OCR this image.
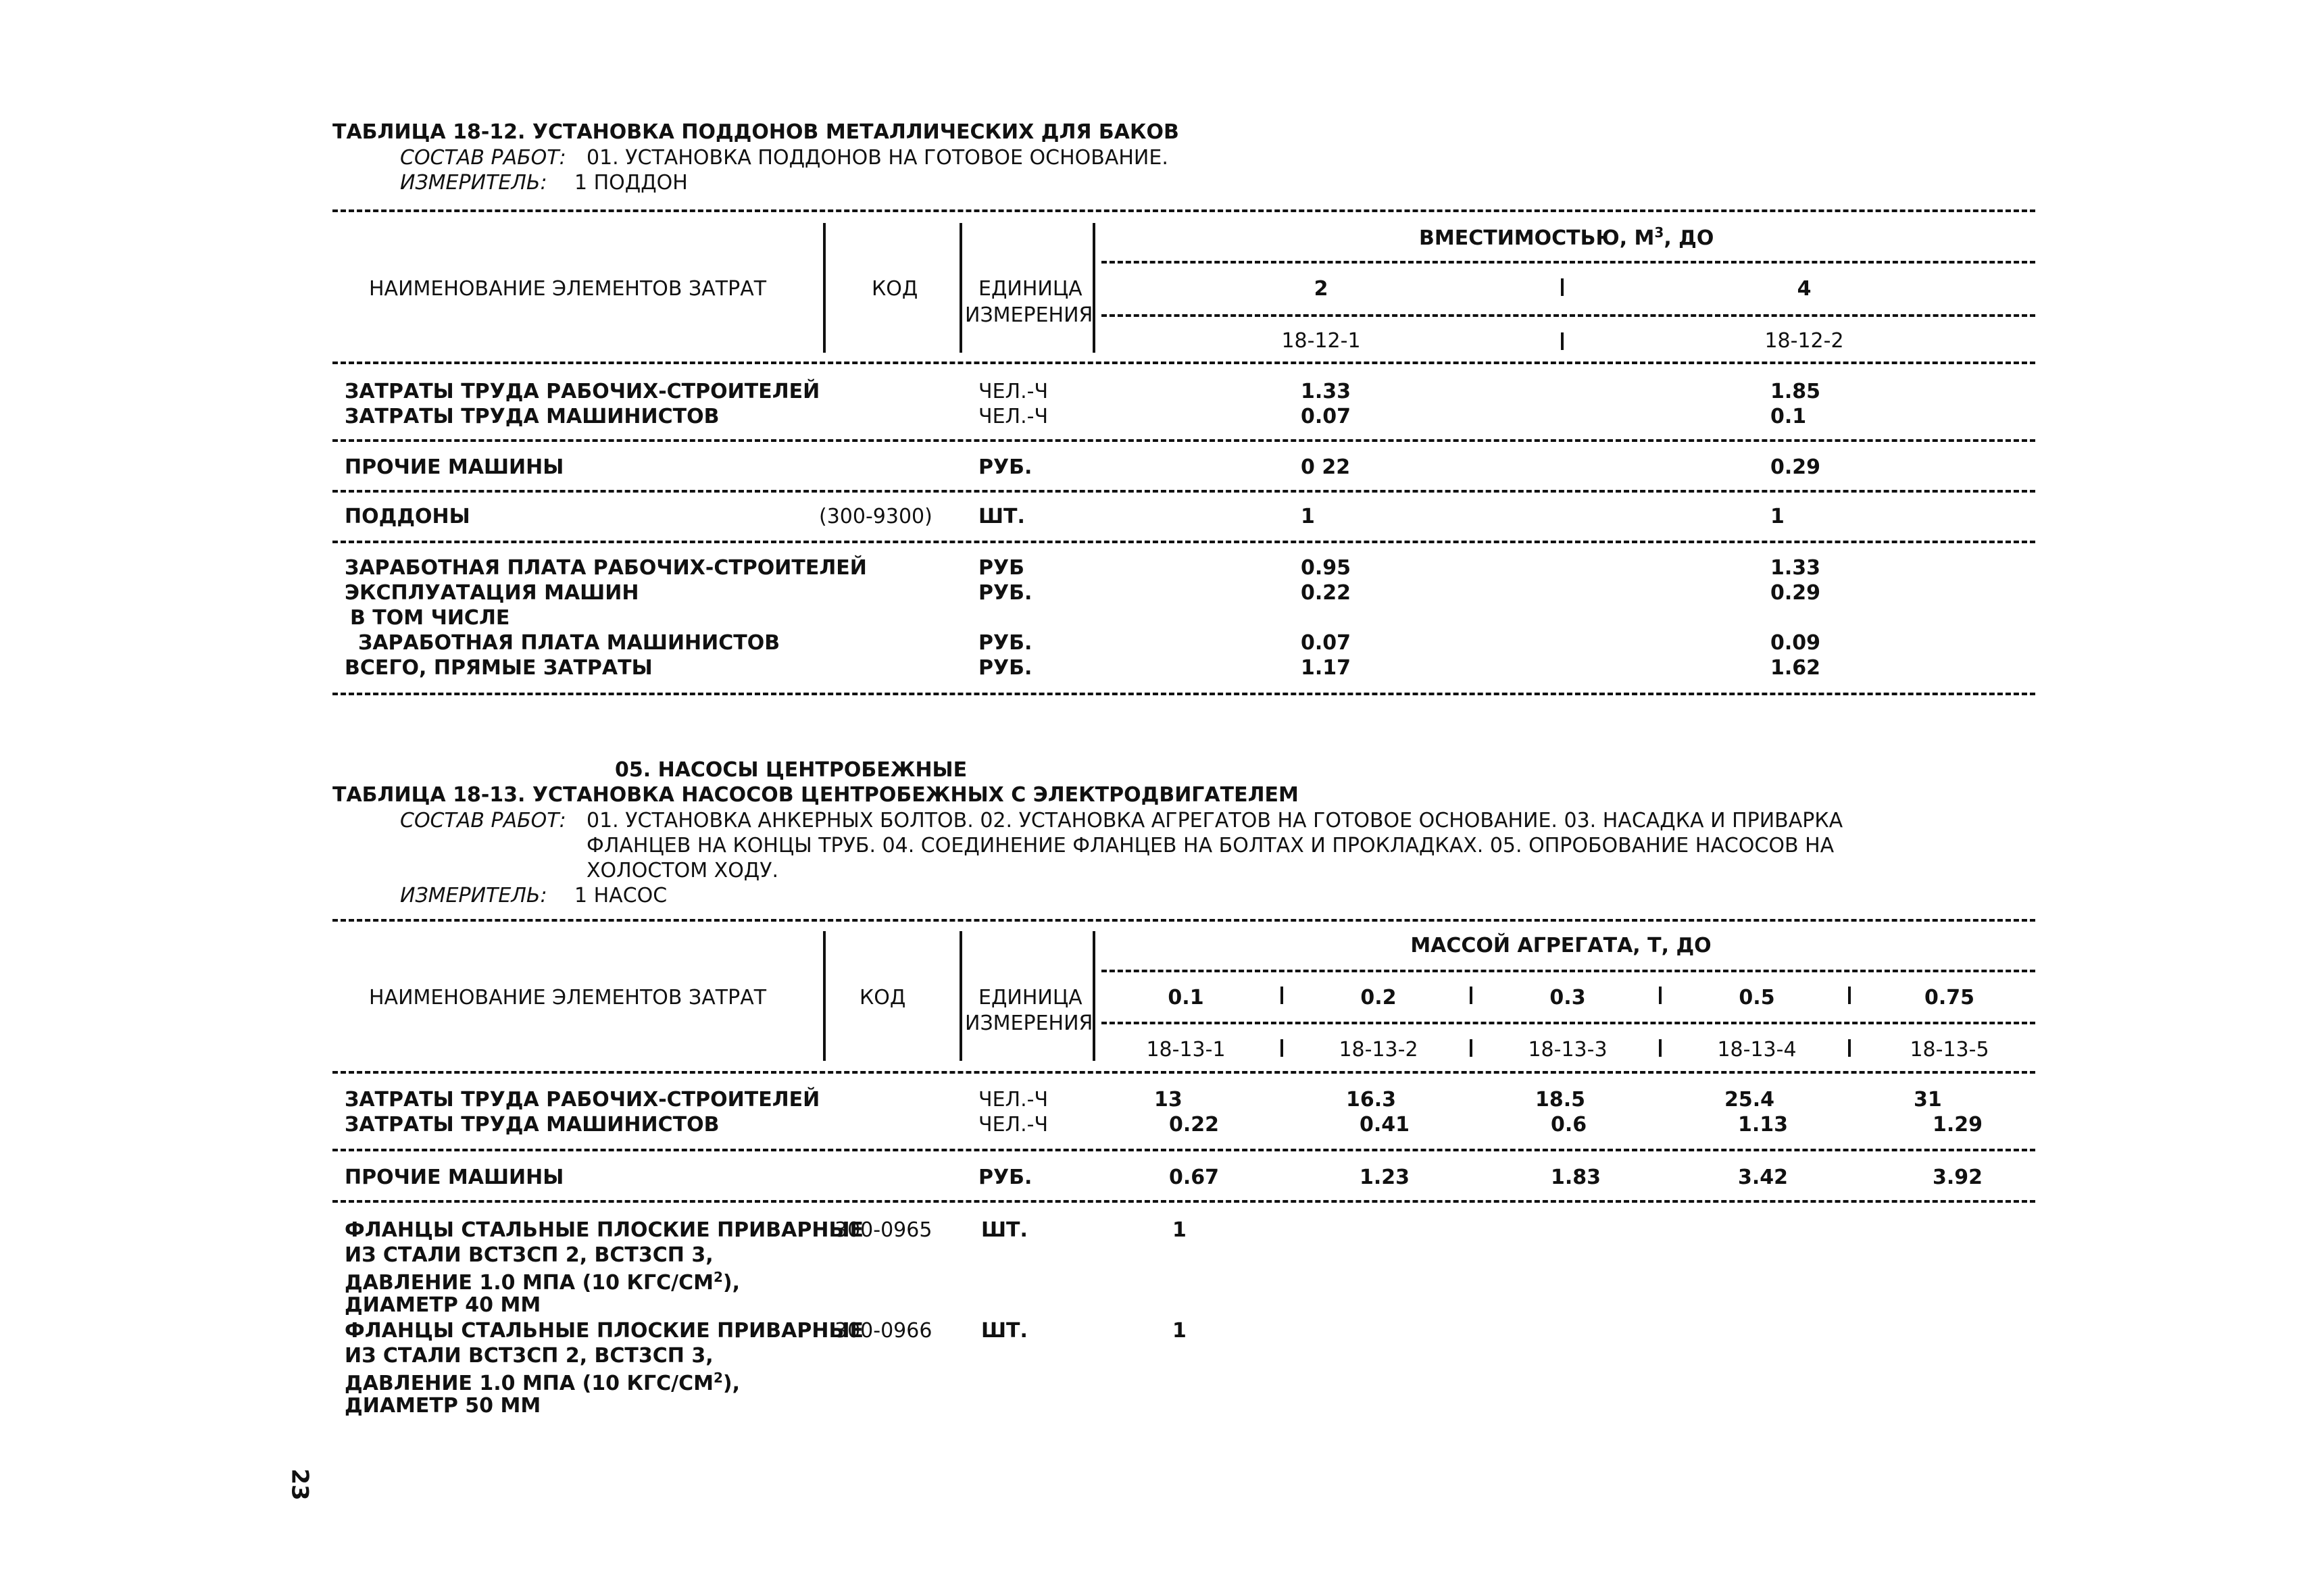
ТАБЛИЦА 18-12. УСТАНОВКА ПОДДОНОВ МЕТАЛЛИЧЕСКИХ ДЛЯ БАКОВ
СОСТАВ РАБОТ: 01. УСТАНОВКА ПОДДОНОВ НА ГОТОВОЕ ОСНОВАНИЕ.
ИЗМЕРИТЕЛЬ: 1 ПОДДОН
НАИМЕНОВАНИЕ ЭЛЕМЕНТОВ ЗАТРАТ	КОД	ЕДИНИЦА
ИЗМЕРЕНИЯ
ВМЕСТИМОСТЬЮ, $М^3$, ДО
2	4
18-12-1	18-12-2
ЗАТРАТЫ ТРУДА РАБОЧИХ-СТРОИТЕЛЕЙ	ЧЕЛ.-Ч	1.33	1.85
ЗАТРАТЫ ТРУДА МАШИНИСТОВ	ЧЕЛ.-Ч	0.07	0.1
ПРОЧИЕ МАШИНЫ	РУБ.	0 22	0.29
ПОДДОНЫ	(300-9300) ШТ.	1	1
ЗАРАБОТНАЯ ПЛАТА РАБОЧИХ-СТРОИТЕЛЕЙ	РУБ	0.95	1.33
ЭКСПЛУАТАЦИЯ МАШИН	РУБ.	0.22	0.29
В ТОМ ЧИСЛЕ
ЗАРАБОТНАЯ ПЛАТА МАШИНИСТОВ	РУБ.	0.07	0.09
ВСЕГО, ПРЯМЫЕ ЗАТРАТЫ	РУБ.	1.17	1.62
05. НАСОСЫ ЦЕНТРОБЕЖНЫЕ
ТАБЛИЦА 18-13. УСТАНОВКА НАСОСОВ ЦЕНТРОБЕЖНЫХ С ЭЛЕКТРОДВИГАТЕЛЕМ
СОСТАВ РАБОТ: 01. УСТАНОВКА АНКЕРНЫХ БОЛТОВ. 02. УСТАНОВКА АГРЕГАТОВ НА ГОТОВОЕ ОСНОВАНИЕ. 03. НАСАДКА И ПРИВАРКА
ФЛАНЦЕВ НА КОНЦЫ ТРУБ. 04. СОЕДИНЕНИЕ ФЛАНЦЕВ НА БОЛТАХ И ПРОКЛАДКАХ. 05. ОПРОБОВАНИЕ НАСОСОВ НА
ХОЛОСТОМ ХОДУ.
ИЗМЕРИТЕЛЬ: 1 НАСОС
НАИМЕНОВАНИЕ ЭЛЕМЕНТОВ ЗАТРАТ	КОД	ЕДИНИЦА
ИЗМЕРЕНИЯ
МАССОЙ АГРЕГАТА, Т, ДО
0.1	0.2	0.3	0.5	0.75
18-13-1	18-13-2	18-13-3	18-13-4	18-13-5
ЗАТРАТЫ ТРУДА РАБОЧИХ-СТРОИТЕЛЕЙ	ЧЕЛ.-Ч	13	16.3	18.5	25.4	31
ЗАТРАТЫ ТРУДА МАШИНИСТОВ	ЧЕЛ.-Ч	0.22	0.41	0.6	1.13	1.29
ПРОЧИЕ МАШИНЫ	РУБ.	0.67	1.23	1.83	3.42	3.92
ФЛАНЦЫ СТАЛЬНЫЕ ПЛОСКИЕ ПРИВАРНЫЕ
ИЗ СТАЛИ ВСТ3СП 2, ВСТ3СП 3,
ДАВЛЕНИЕ 1.0 МПА (10 КГС/$СМ^2$),
ДИАМЕТР 40 ММ
300-0965 ШТ.	1
ФЛАНЦЫ СТАЛЬНЫЕ ПЛОСКИЕ ПРИВАРНЫЕ
ИЗ СТАЛИ ВСТ3СП 2, ВСТ3СП 3,
ДАВЛЕНИЕ 1.0 МПА (10 КГС/$СМ^2$),
ДИАМЕТР 50 ММ
300-0966 ШТ.	1
23
